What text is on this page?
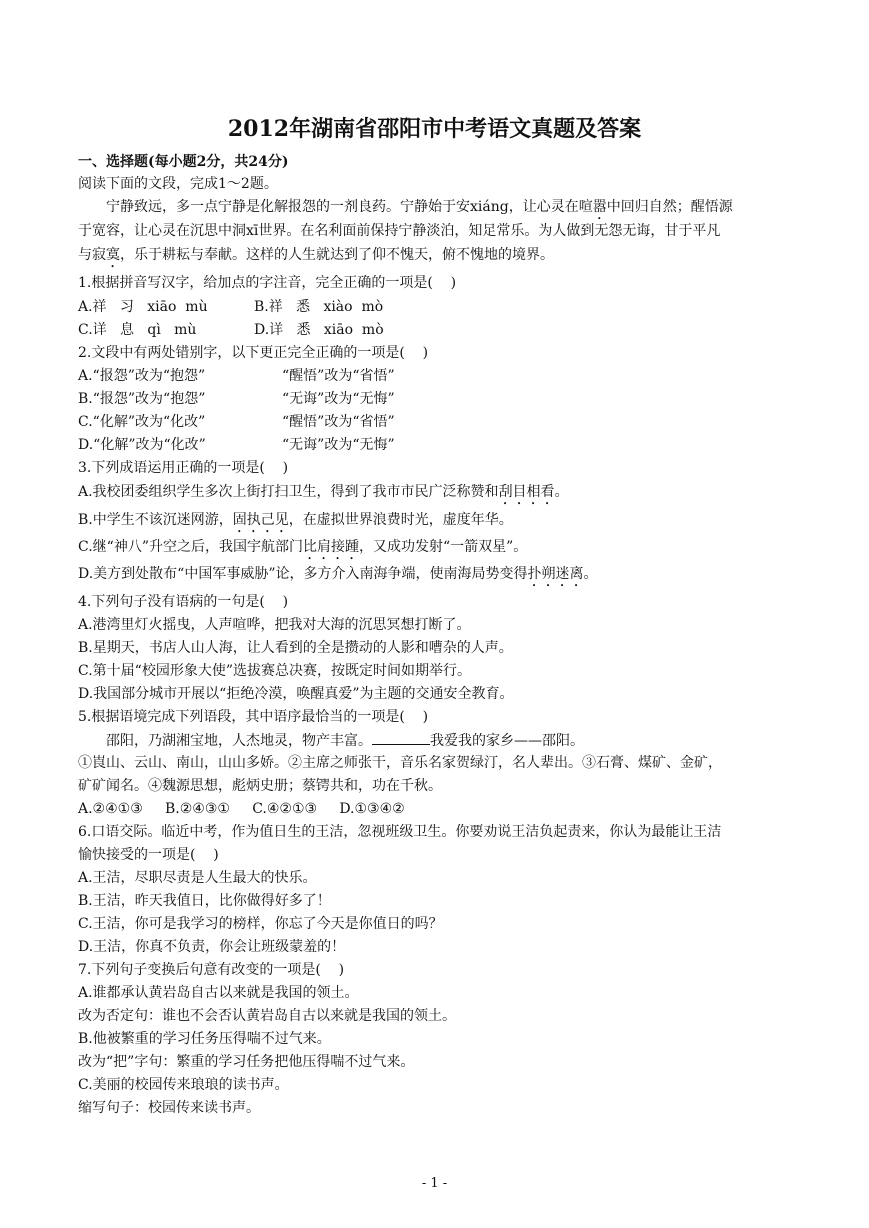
2012年湖南省邵阳市中考语文真题及答案
一、选择题(每小题2分，共24分)
阅读下面的文段，完成1～2题。
宁静致远，多一点宁静是化解报怨的一剂良药。宁静始于安xiáng，让心灵在喧嚣中回归自然；醒悟源
于宽容，让心灵在沉思中洞xī世界。在名利面前保持宁静淡泊，知足常乐。为人做到无怨无诲，甘于平凡
与寂寞，乐于耕耘与奉献。这样的人生就达到了仰不愧天，俯不愧地的境界。
1.根据拼音写汉字，给加点的字注音，完全正确的一项是(    )
A.祥   习   xiāo  mù	B.祥   悉   xiào  mò
C.详   息   qì   mù	D.详   悉   xiāo  mò
2.文段中有两处错别字，以下更正完全正确的一项是(    )
A.“报怨”改为“抱怨”	“醒悟”改为“省悟”
B.“报怨”改为“抱怨”	“无诲”改为“无悔”
C.“化解”改为“化改”	“醒悟”改为“省悟”
D.“化解”改为“化改”	“无诲”改为“无悔”
3.下列成语运用正确的一项是(    )
A.我校团委组织学生多次上街打扫卫生，得到了我市市民广泛称赞和刮目相看。
B.中学生不该沉迷网游，固执己见，在虚拟世界浪费时光，虚度年华。
C.继“神八”升空之后，我国宇航部门比肩接踵，又成功发射“一箭双星”。
D.美方到处散布“中国军事威胁”论，多方介入南海争端，使南海局势变得扑朔迷离。
4.下列句子没有语病的一句是(    )
A.港湾里灯火摇曳，人声喧哗，把我对大海的沉思冥想打断了。
B.星期天，书店人山人海，让人看到的全是攒动的人影和嘈杂的人声。
C.第十届“校园形象大使”选拔赛总决赛，按既定时间如期举行。
D.我国部分城市开展以“拒绝冷漠，唤醒真爱”为主题的交通安全教育。
5.根据语境完成下列语段，其中语序最恰当的一项是(    )
邵阳，乃湖湘宝地，人杰地灵，物产丰富。	我爱我的家乡——邵阳。
①崀山、云山、南山，山山多娇。②主席之师张干，音乐名家贺绿汀，名人辈出。③石膏、煤矿、金矿，
矿矿闻名。④魏源思想，彪炳史册；蔡锷共和，功在千秋。
A.②④①③     B.②④③①     C.④②①③     D.①③④②
6.口语交际。临近中考，作为值日生的王洁，忽视班级卫生。你要劝说王洁负起责来，你认为最能让王洁
愉快接受的一项是(    )
A.王洁，尽职尽责是人生最大的快乐。
B.王洁，昨天我值日，比你做得好多了！
C.王洁，你可是我学习的榜样，你忘了今天是你值日的吗？
D.王洁，你真不负责，你会让班级蒙羞的！
7.下列句子变换后句意有改变的一项是(    )
A.谁都承认黄岩岛自古以来就是我国的领土。
改为否定句：谁也不会否认黄岩岛自古以来就是我国的领土。
B.他被繁重的学习任务压得喘不过气来。
改为“把”字句：繁重的学习任务把他压得喘不过气来。
C.美丽的校园传来琅琅的读书声。
缩写句子：校园传来读书声。
- 1 -
